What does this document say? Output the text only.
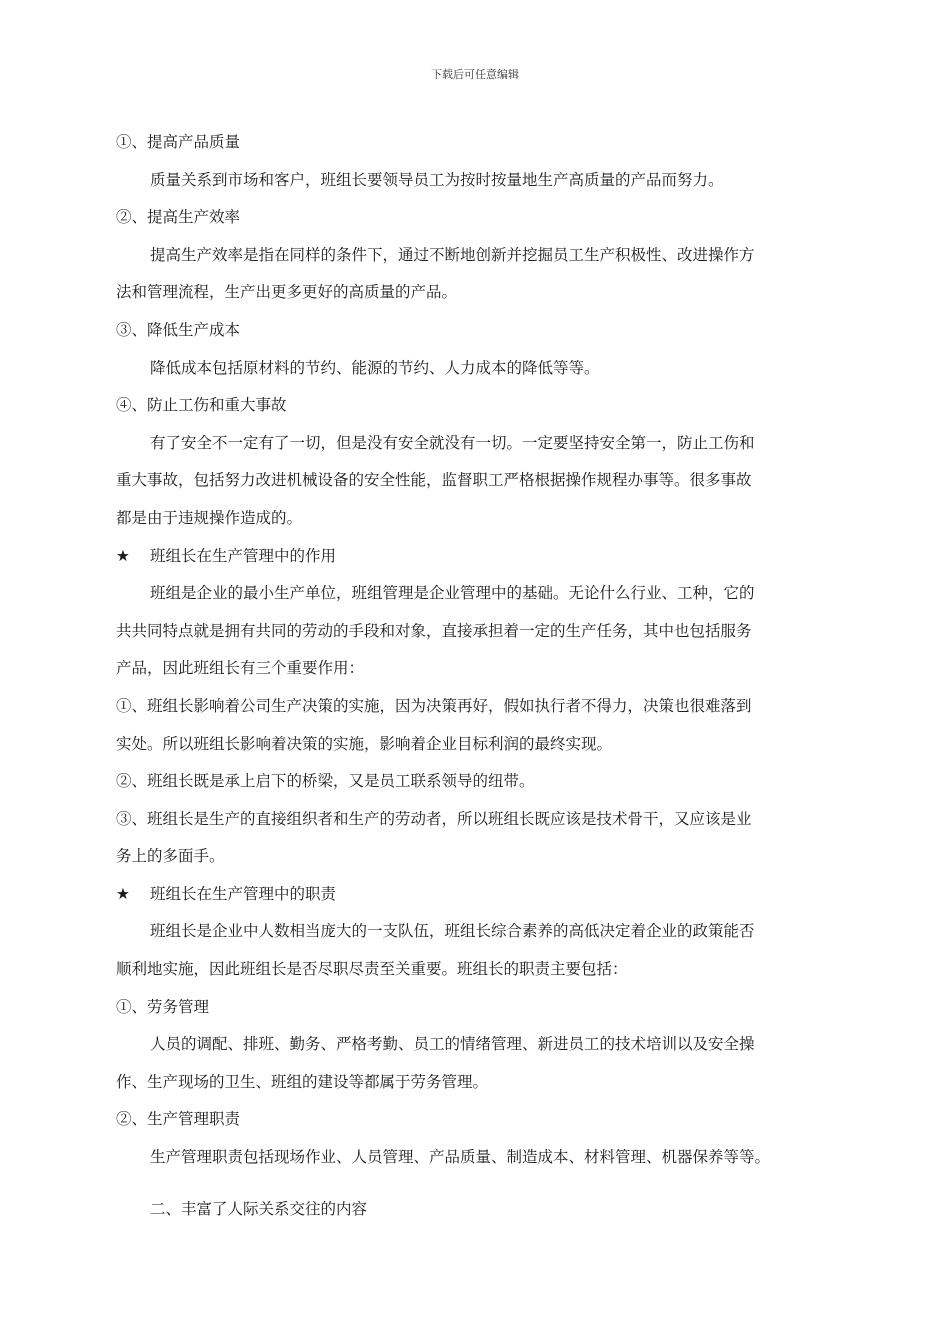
下载后可任意编辑
①、提高产品质量
质量关系到市场和客户，班组长要领导员工为按时按量地生产高质量的产品而努力。
②、提高生产效率
提高生产效率是指在同样的条件下，通过不断地创新并挖掘员工生产积极性、改进操作方
法和管理流程，生产出更多更好的高质量的产品。
③、降低生产成本
降低成本包括原材料的节约、能源的节约、人力成本的降低等等。
④、防止工伤和重大事故
有了安全不一定有了一切，但是没有安全就没有一切。一定要坚持安全第一，防止工伤和
重大事故，包括努力改进机械设备的安全性能，监督职工严格根据操作规程办事等。很多事故
都是由于违规操作造成的。
★ 班组长在生产管理中的作用
班组是企业的最小生产单位，班组管理是企业管理中的基础。无论什么行业、工种，它的
共共同特点就是拥有共同的劳动的手段和对象，直接承担着一定的生产任务，其中也包括服务
产品，因此班组长有三个重要作用：
①、班组长影响着公司生产决策的实施，因为决策再好，假如执行者不得力，决策也很难落到
实处。所以班组长影响着决策的实施，影响着企业目标利润的最终实现。
②、班组长既是承上启下的桥梁，又是员工联系领导的纽带。
③、班组长是生产的直接组织者和生产的劳动者，所以班组长既应该是技术骨干，又应该是业
务上的多面手。
★ 班组长在生产管理中的职责
班组长是企业中人数相当庞大的一支队伍，班组长综合素养的高低决定着企业的政策能否
顺利地实施，因此班组长是否尽职尽责至关重要。班组长的职责主要包括：
①、劳务管理
人员的调配、排班、勤务、严格考勤、员工的情绪管理、新进员工的技术培训以及安全操
作、生产现场的卫生、班组的建设等都属于劳务管理。
②、生产管理职责
生产管理职责包括现场作业、人员管理、产品质量、制造成本、材料管理、机器保养等等。
二、丰富了人际关系交往的内容
